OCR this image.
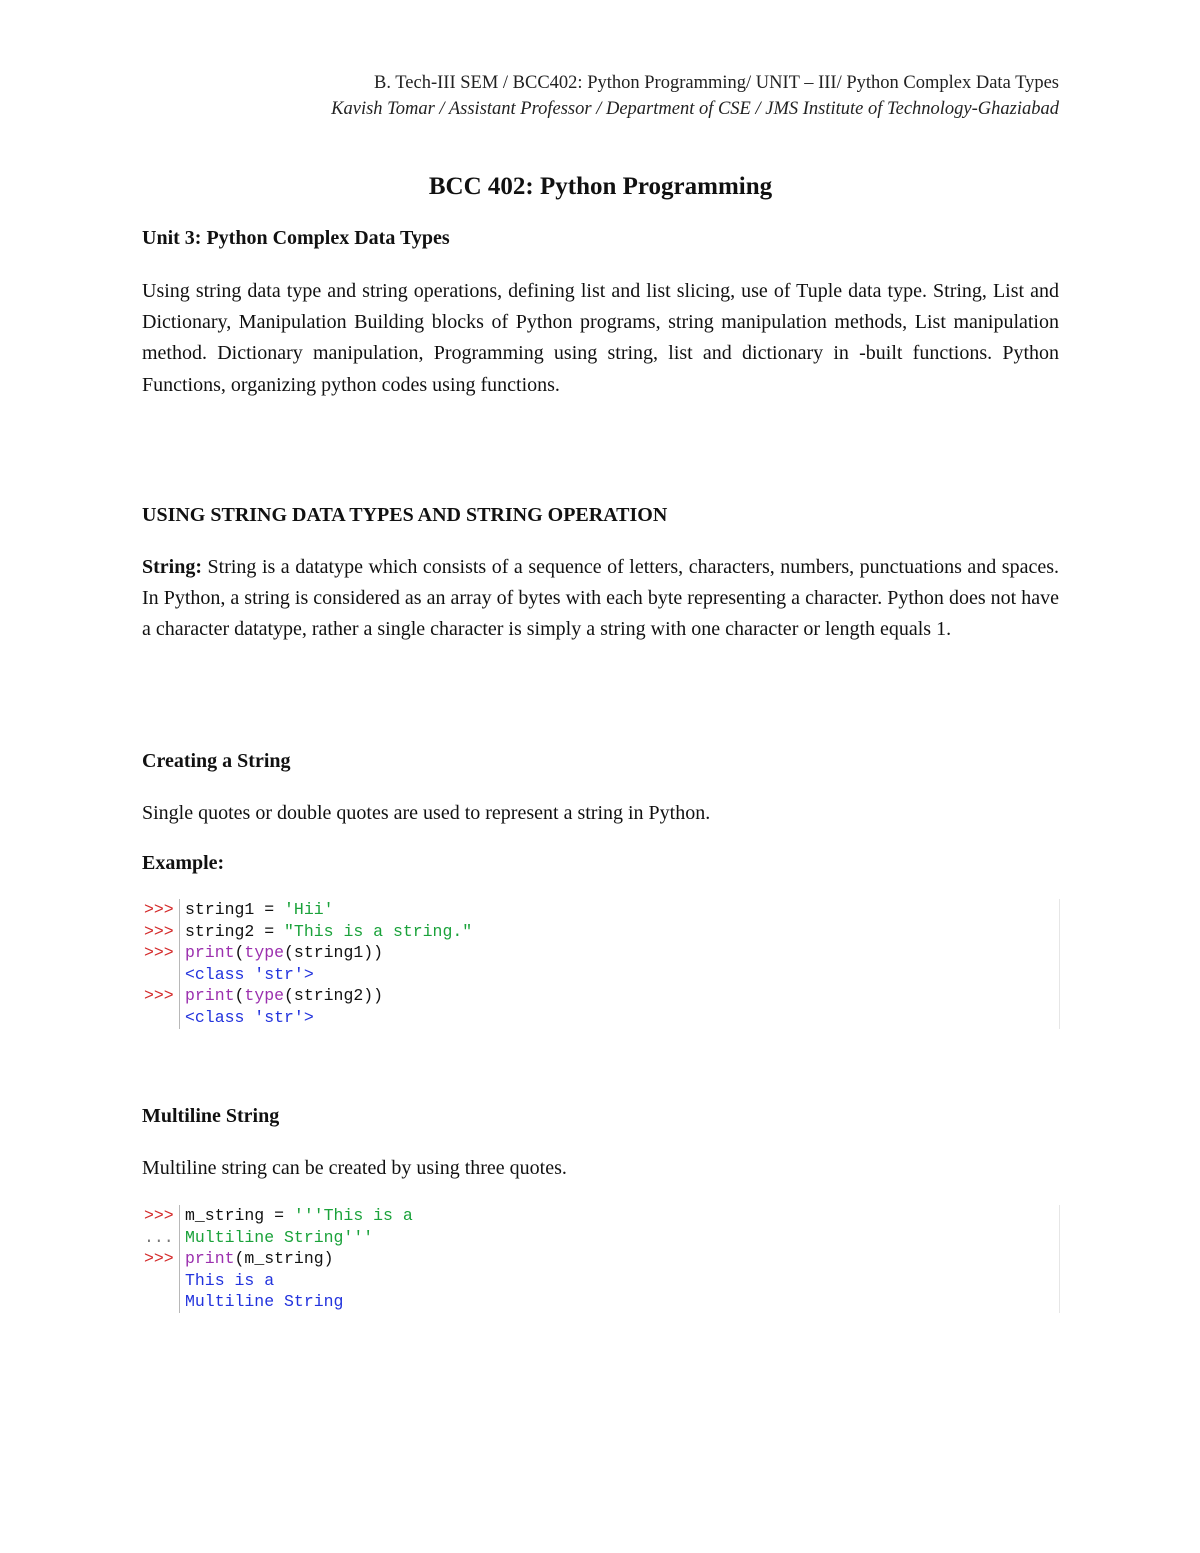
B. Tech-III SEM / BCC402: Python Programming/ UNIT – III/ Python Complex Data Types
Kavish Tomar / Assistant Professor / Department of CSE / JMS Institute of Technology-Ghaziabad
BCC 402: Python Programming
Unit 3: Python Complex Data Types

Using string data type and string operations, defining list and list slicing, use of Tuple data type. String, List and Dictionary, Manipulation Building blocks of Python programs, string manipulation methods, List manipulation method. Dictionary manipulation, Programming using string, list and dictionary in -built functions. Python Functions, organizing python codes using functions.

USING STRING DATA TYPES AND STRING OPERATION

String: String is a datatype which consists of a sequence of letters, characters, numbers, punctuations and spaces. In Python, a string is considered as an array of bytes with each byte representing a character. Python does not have a character datatype, rather a single character is simply a string with one character or length equals 1.

Creating a String

Single quotes or double quotes are used to represent a string in Python.

Example:
>>> string1 = 'Hii'
>>> string2 = "This is a string."
>>> print(type(string1))
<class 'str'>
>>> print(type(string2))
<class 'str'>
Multiline String

Multiline string can be created by using three quotes.

>>> m_string = '''This is a
... Multiline String'''
>>> print(m_string)
This is a
Multiline String
